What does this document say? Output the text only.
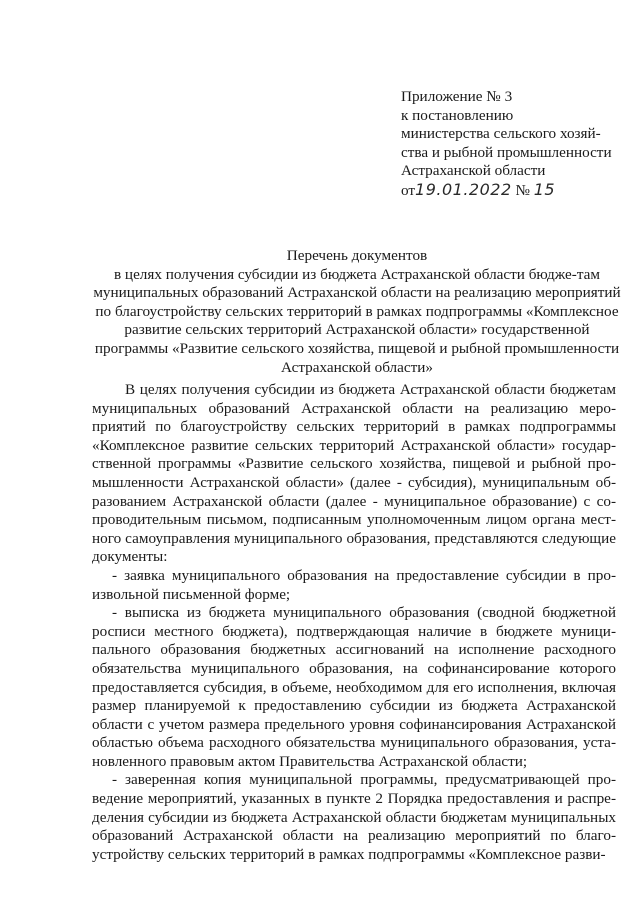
Приложение № 3
к постановлению
министерства сельского хозяй-
ства и рыбной промышленности
Астраханской области
от19.01.2022 № 15
Перечень документов
в целях получения субсидии из бюджета Астраханской области бюдже-там муниципальных образований Астраханской области на реализацию мероприятий по благоустройству сельских территорий в рамках подпрограммы «Комплексное развитие сельских территорий Астраханской области» государственной программы «Развитие сельского хозяйства, пищевой и рыбной промышленности Астраханской области»

В целях получения субсидии из бюджета Астраханской области бюджетам муниципальных образований Астраханской области на реализацию мероприятий по благоустройству сельских территорий в рамках подпрограммы «Комплексное развитие сельских территорий Астраханской области» государственной программы «Развитие сельского хозяйства, пищевой и рыбной промышленности Астраханской области» (далее - субсидия), муниципальным образованием Астраханской области (далее - муниципальное образование) с сопроводительным письмом, подписанным уполномоченным лицом органа местного самоуправления муниципального образования, представляются следующие документы:

- заявка муниципального образования на предоставление субсидии в произвольной письменной форме;

- выписка из бюджета муниципального образования (сводной бюджетной росписи местного бюджета), подтверждающая наличие в бюджете муниципального образования бюджетных ассигнований на исполнение расходного обязательства муниципального образования, на софинансирование которого предоставляется субсидия, в объеме, необходимом для его исполнения, включая размер планируемой к предоставлению субсидии из бюджета Астраханской области с учетом размера предельного уровня софинансирования Астраханской областью объема расходного обязательства муниципального образования, установленного правовым актом Правительства Астраханской области;

- заверенная копия муниципальной программы, предусматривающей проведение мероприятий, указанных в пункте 2 Порядка предоставления и распределения субсидии из бюджета Астраханской области бюджетам муниципальных образований Астраханской области на реализацию мероприятий по благоустройству сельских территорий в рамках подпрограммы «Комплексное разви-
